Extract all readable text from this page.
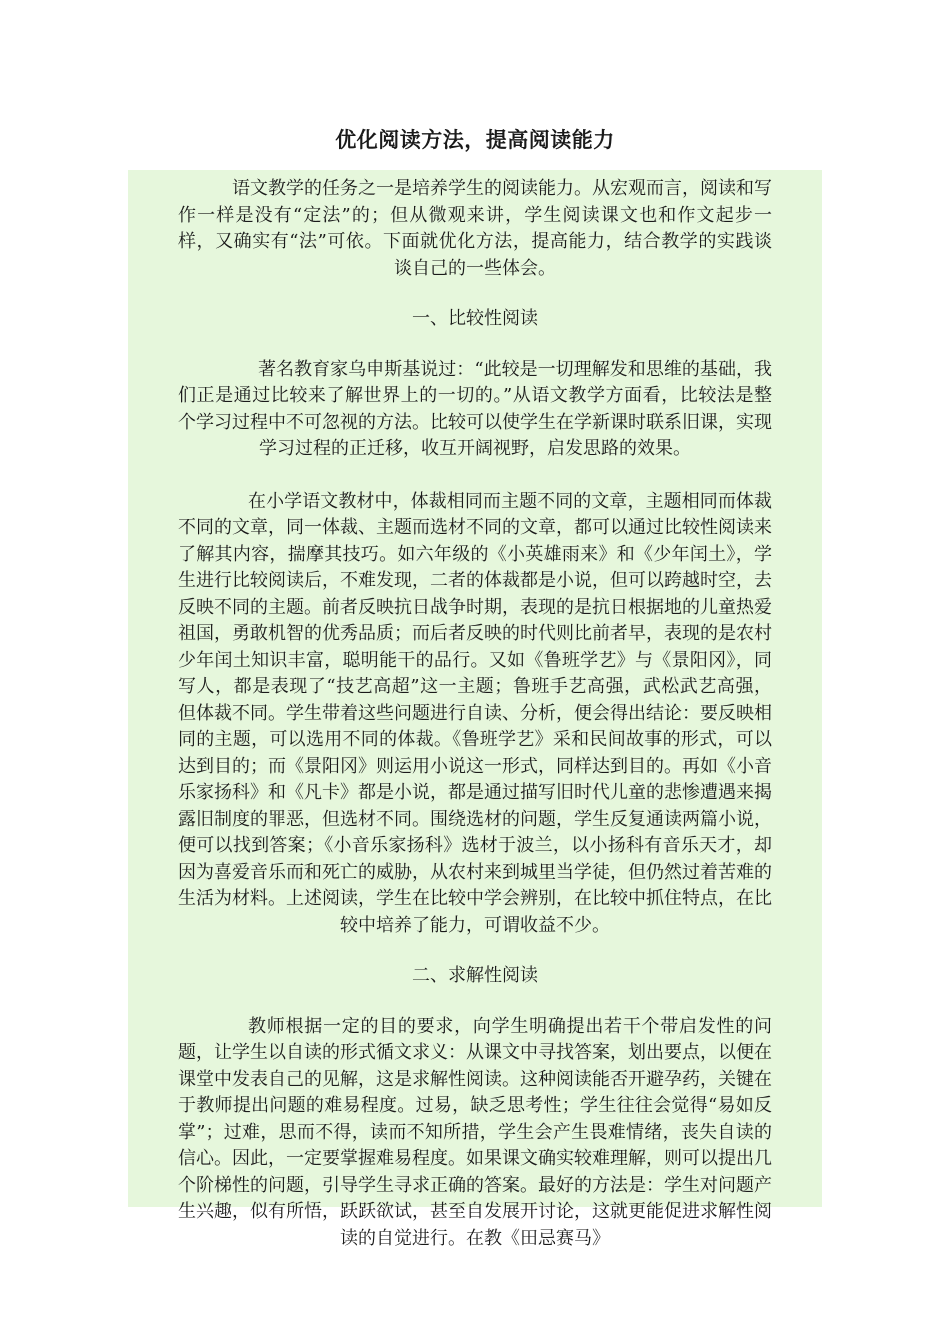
优化阅读方法，提高阅读能力

语文教学的任务之一是培养学生的阅读能力。从宏观而言，阅读和写作一样是没有“定法”的；但从微观来讲，学生阅读课文也和作文起步一样，又确实有“法”可依。下面就优化方法，提高能力，结合教学的实践谈谈自己的一些体会。

一、比较性阅读

著名教育家乌申斯基说过：“此较是一切理解发和思维的基础，我们正是通过比较来了解世界上的一切的。”从语文教学方面看，比较法是整个学习过程中不可忽视的方法。比较可以使学生在学新课时联系旧课，实现学习过程的正迁移，收互开阔视野，启发思路的效果。

在小学语文教材中，体裁相同而主题不同的文章，主题相同而体裁不同的文章，同一体裁、主题而选材不同的文章，都可以通过比较性阅读来了解其内容，揣摩其技巧。如六年级的《小英雄雨来》和《少年闰土》，学生进行比较阅读后，不难发现，二者的体裁都是小说，但可以跨越时空，去反映不同的主题。前者反映抗日战争时期，表现的是抗日根据地的儿童热爱祖国，勇敢机智的优秀品质；而后者反映的时代则比前者早，表现的是农村少年闰土知识丰富，聪明能干的品行。又如《鲁班学艺》与《景阳冈》，同写人，都是表现了“技艺高超”这一主题；鲁班手艺高强，武松武艺高强，但体裁不同。学生带着这些问题进行自读、分析，便会得出结论：要反映相同的主题，可以选用不同的体裁。《鲁班学艺》采和民间故事的形式，可以达到目的；而《景阳冈》则运用小说这一形式，同样达到目的。再如《小音乐家扬科》和《凡卡》都是小说，都是通过描写旧时代儿童的悲惨遭遇来揭露旧制度的罪恶，但选材不同。围绕选材的问题，学生反复通读两篇小说，便可以找到答案；《小音乐家扬科》选材于波兰，以小扬科有音乐天才，却因为喜爱音乐而和死亡的威胁，从农村来到城里当学徒，但仍然过着苦难的生活为材料。上述阅读，学生在比较中学会辨别，在比较中抓住特点，在比较中培养了能力，可谓收益不少。

二、求解性阅读

教师根据一定的目的要求，向学生明确提出若干个带启发性的问题，让学生以自读的形式循文求义：从课文中寻找答案，划出要点，以便在课堂中发表自己的见解，这是求解性阅读。这种阅读能否开避孕药，关键在于教师提出问题的难易程度。过易，缺乏思考性；学生往往会觉得“易如反掌”；过难，思而不得，读而不知所措，学生会产生畏难情绪，丧失自读的信心。因此，一定要掌握难易程度。如果课文确实较难理解，则可以提出几个阶梯性的问题，引导学生寻求正确的答案。最好的方法是：学生对问题产生兴趣，似有所悟，跃跃欲试，甚至自发展开讨论，这就更能促进求解性阅读的自觉进行。在教《田忌赛马》
